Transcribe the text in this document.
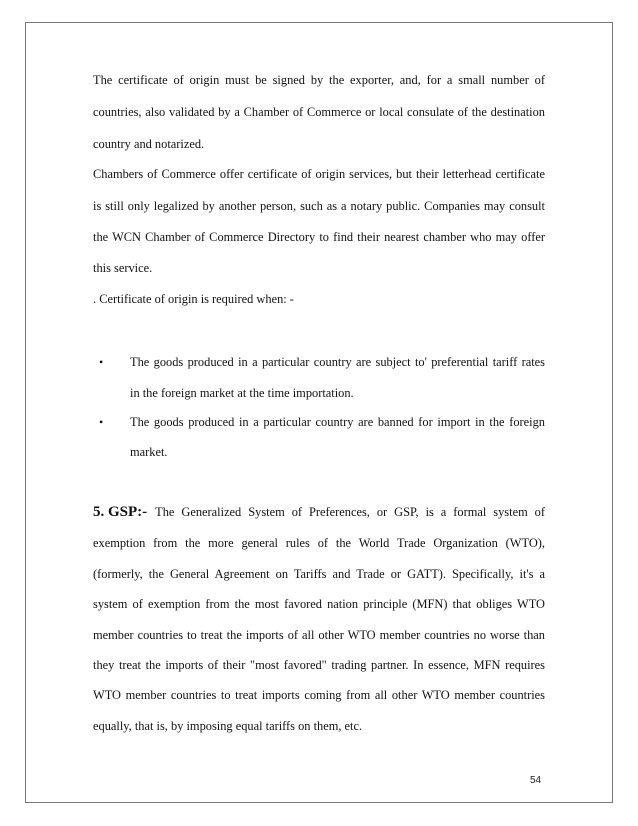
The certificate of origin must be signed by the exporter, and, for a small number of
countries, also validated by a Chamber of Commerce or local consulate of the destination
country and notarized.
Chambers of Commerce offer certificate of origin services, but their letterhead certificate
is still only legalized by another person, such as a notary public. Companies may consult
the WCN Chamber of Commerce Directory to find their nearest chamber who may offer
this service.
. Certificate of origin is required when: -
• The goods produced in a particular country are subject to' preferential tariff rates
in the foreign market at the time importation.
• The goods produced in a particular country are banned for import in the foreign
market.
5. GSP:- The Generalized System of Preferences, or GSP, is a formal system of
exemption from the more general rules of the World Trade Organization (WTO),
(formerly, the General Agreement on Tariffs and Trade or GATT). Specifically, it's a
system of exemption from the most favored nation principle (MFN) that obliges WTO
member countries to treat the imports of all other WTO member countries no worse than
they treat the imports of their "most favored" trading partner. In essence, MFN requires
WTO member countries to treat imports coming from all other WTO member countries
equally, that is, by imposing equal tariffs on them, etc.
54
